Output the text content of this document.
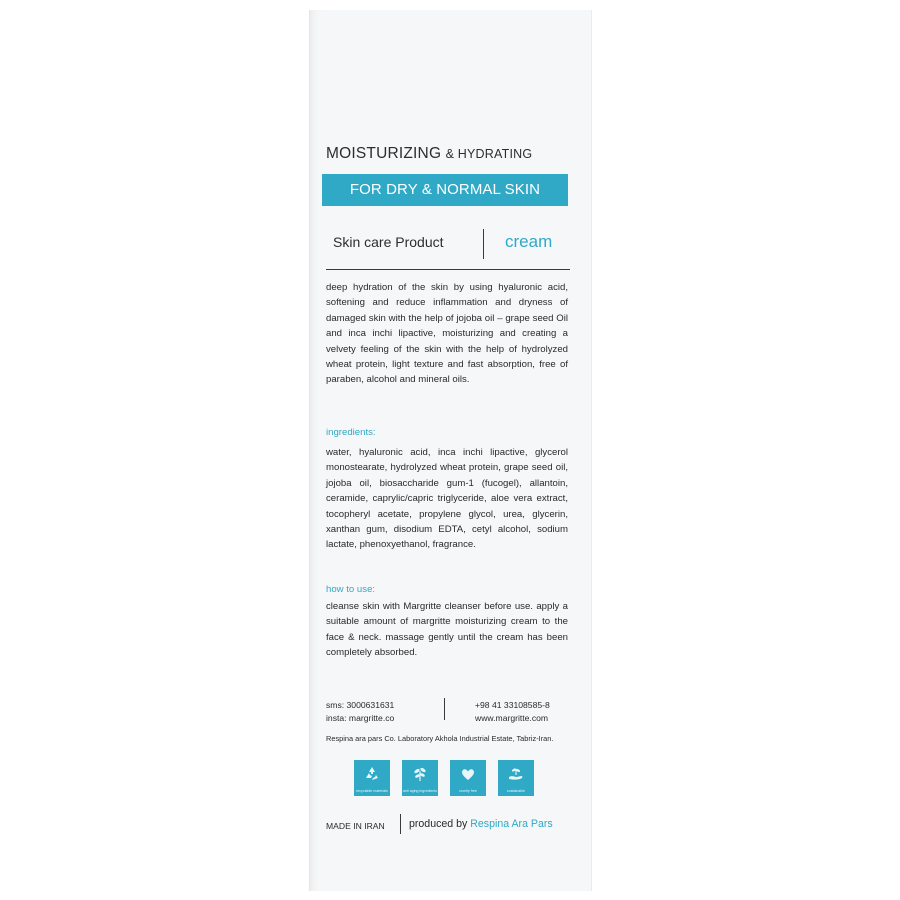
MOISTURIZING & HYDRATING
FOR DRY & NORMAL SKIN
Skin care Product	cream
deep hydration of the skin by using hyaluronic acid, softening and reduce inflammation and dryness of damaged skin with the help of jojoba oil – grape seed Oil and inca inchi lipactive, moisturizing and creating a velvety feeling of the skin with the help of hydrolyzed wheat protein, light texture and fast absorption, free of paraben, alcohol and mineral oils.
ingredients:
water, hyaluronic acid, inca inchi lipactive, glycerol monostearate, hydrolyzed wheat protein, grape seed oil, jojoba oil, biosaccharide gum-1 (fucogel), allantoin, ceramide, caprylic/capric triglyceride, aloe vera extract, tocopheryl acetate, propylene glycol, urea, glycerin, xanthan gum, disodium EDTA, cetyl alcohol, sodium lactate, phenoxyethanol, fragrance.
how to use:
cleanse skin with Margritte cleanser before use. apply a suitable amount of margritte moisturizing cream to the face & neck. massage gently until the cream has been completely absorbed.
sms: 3000631631
insta: margritte.co
+98 41 33108585-8
www.margritte.com
Respina ara pars Co. Laboratory Akhola Industrial Estate, Tabriz-Iran.
recyclable materials	anti aging ingredients	cruelty free	sustainable
MADE IN IRAN produced by Respina Ara Pars
